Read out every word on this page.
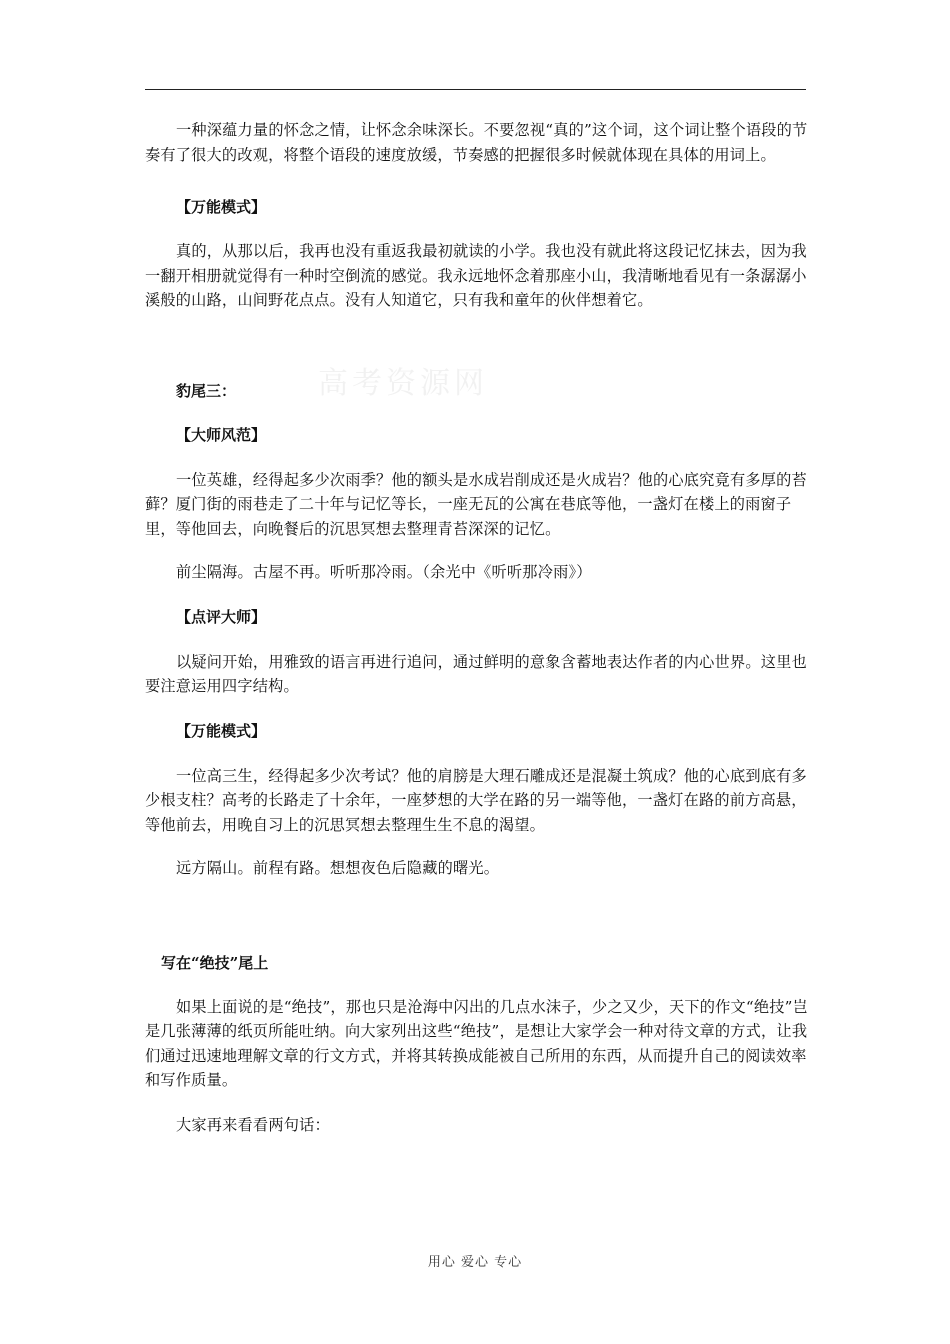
高考资源网

一种深蕴力量的怀念之情，让怀念余味深长。不要忽视“真的”这个词，这个词让整个语段的节奏有了很大的改观，将整个语段的速度放缓，节奏感的把握很多时候就体现在具体的用词上。

【万能模式】

真的，从那以后，我再也没有重返我最初就读的小学。我也没有就此将这段记忆抹去，因为我一翻开相册就觉得有一种时空倒流的感觉。我永远地怀念着那座小山，我清晰地看见有一条潺潺小溪般的山路，山间野花点点。没有人知道它，只有我和童年的伙伴想着它。

豹尾三：

【大师风范】

一位英雄，经得起多少次雨季？他的额头是水成岩削成还是火成岩？他的心底究竟有多厚的苔藓？厦门街的雨巷走了二十年与记忆等长，一座无瓦的公寓在巷底等他，一盏灯在楼上的雨窗子里，等他回去，向晚餐后的沉思冥想去整理青苔深深的记忆。

前尘隔海。古屋不再。听听那冷雨。（余光中《听听那冷雨》）

【点评大师】

以疑问开始，用雅致的语言再进行追问，通过鲜明的意象含蓄地表达作者的内心世界。这里也要注意运用四字结构。

【万能模式】

一位高三生，经得起多少次考试？他的肩膀是大理石雕成还是混凝土筑成？他的心底到底有多少根支柱？高考的长路走了十余年，一座梦想的大学在路的另一端等他，一盏灯在路的前方高悬，等他前去，用晚自习上的沉思冥想去整理生生不息的渴望。

远方隔山。前程有路。想想夜色后隐藏的曙光。

写在“绝技”尾上

如果上面说的是“绝技”，那也只是沧海中闪出的几点水沫子，少之又少，天下的作文“绝技”岂是几张薄薄的纸页所能吐纳。向大家列出这些“绝技”，是想让大家学会一种对待文章的方式，让我们通过迅速地理解文章的行文方式，并将其转换成能被自己所用的东西，从而提升自己的阅读效率和写作质量。

大家再来看看两句话：

用心 爱心 专心
